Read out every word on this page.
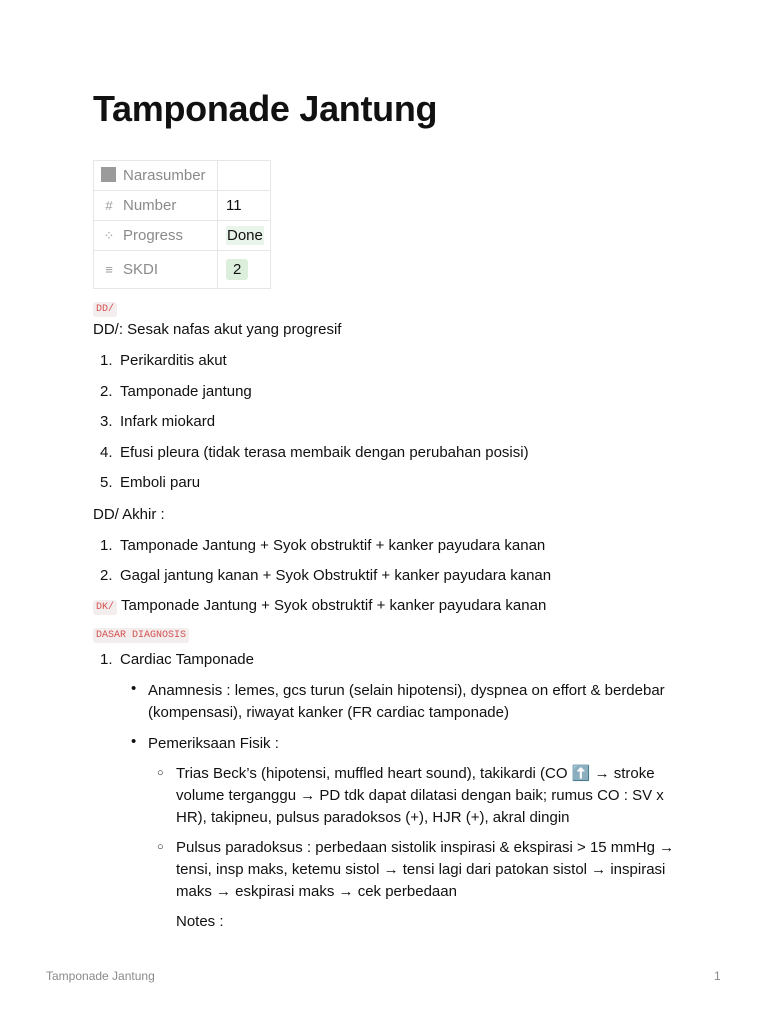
Tamponade Jantung
Narasumber	
# Number	11
⁘ Progress	Done
≡ SKDI	2
DD/
DD/: Sesak nafas akut yang progresif
1. Perikarditis akut
2. Tamponade jantung
3. Infark miokard
4. Efusi pleura (tidak terasa membaik dengan perubahan posisi)
5. Emboli paru
DD/ Akhir :
1. Tamponade Jantung + Syok obstruktif + kanker payudara kanan
2. Gagal jantung kanan + Syok Obstruktif + kanker payudara kanan
DK/ Tamponade Jantung + Syok obstruktif + kanker payudara kanan
DASAR DIAGNOSIS
1. Cardiac Tamponade
• Anamnesis : lemes, gcs turun (selain hipotensi), dyspnea on effort & berdebar (kompensasi), riwayat kanker (FR cardiac tamponade)
• Pemeriksaan Fisik :
○ Trias Beck’s (hipotensi, muffled heart sound), takikardi (CO ⬆️ → stroke volume terganggu → PD tdk dapat dilatasi dengan baik; rumus CO : SV x HR), takipneu, pulsus paradoksos (+), HJR (+), akral dingin
○ Pulsus paradoksus : perbedaan sistolik inspirasi & ekspirasi > 15 mmHg → tensi, insp maks, ketemu sistol → tensi lagi dari patokan sistol → inspirasi maks → eskpirasi maks → cek perbedaan
Notes :
Tamponade Jantung	1
